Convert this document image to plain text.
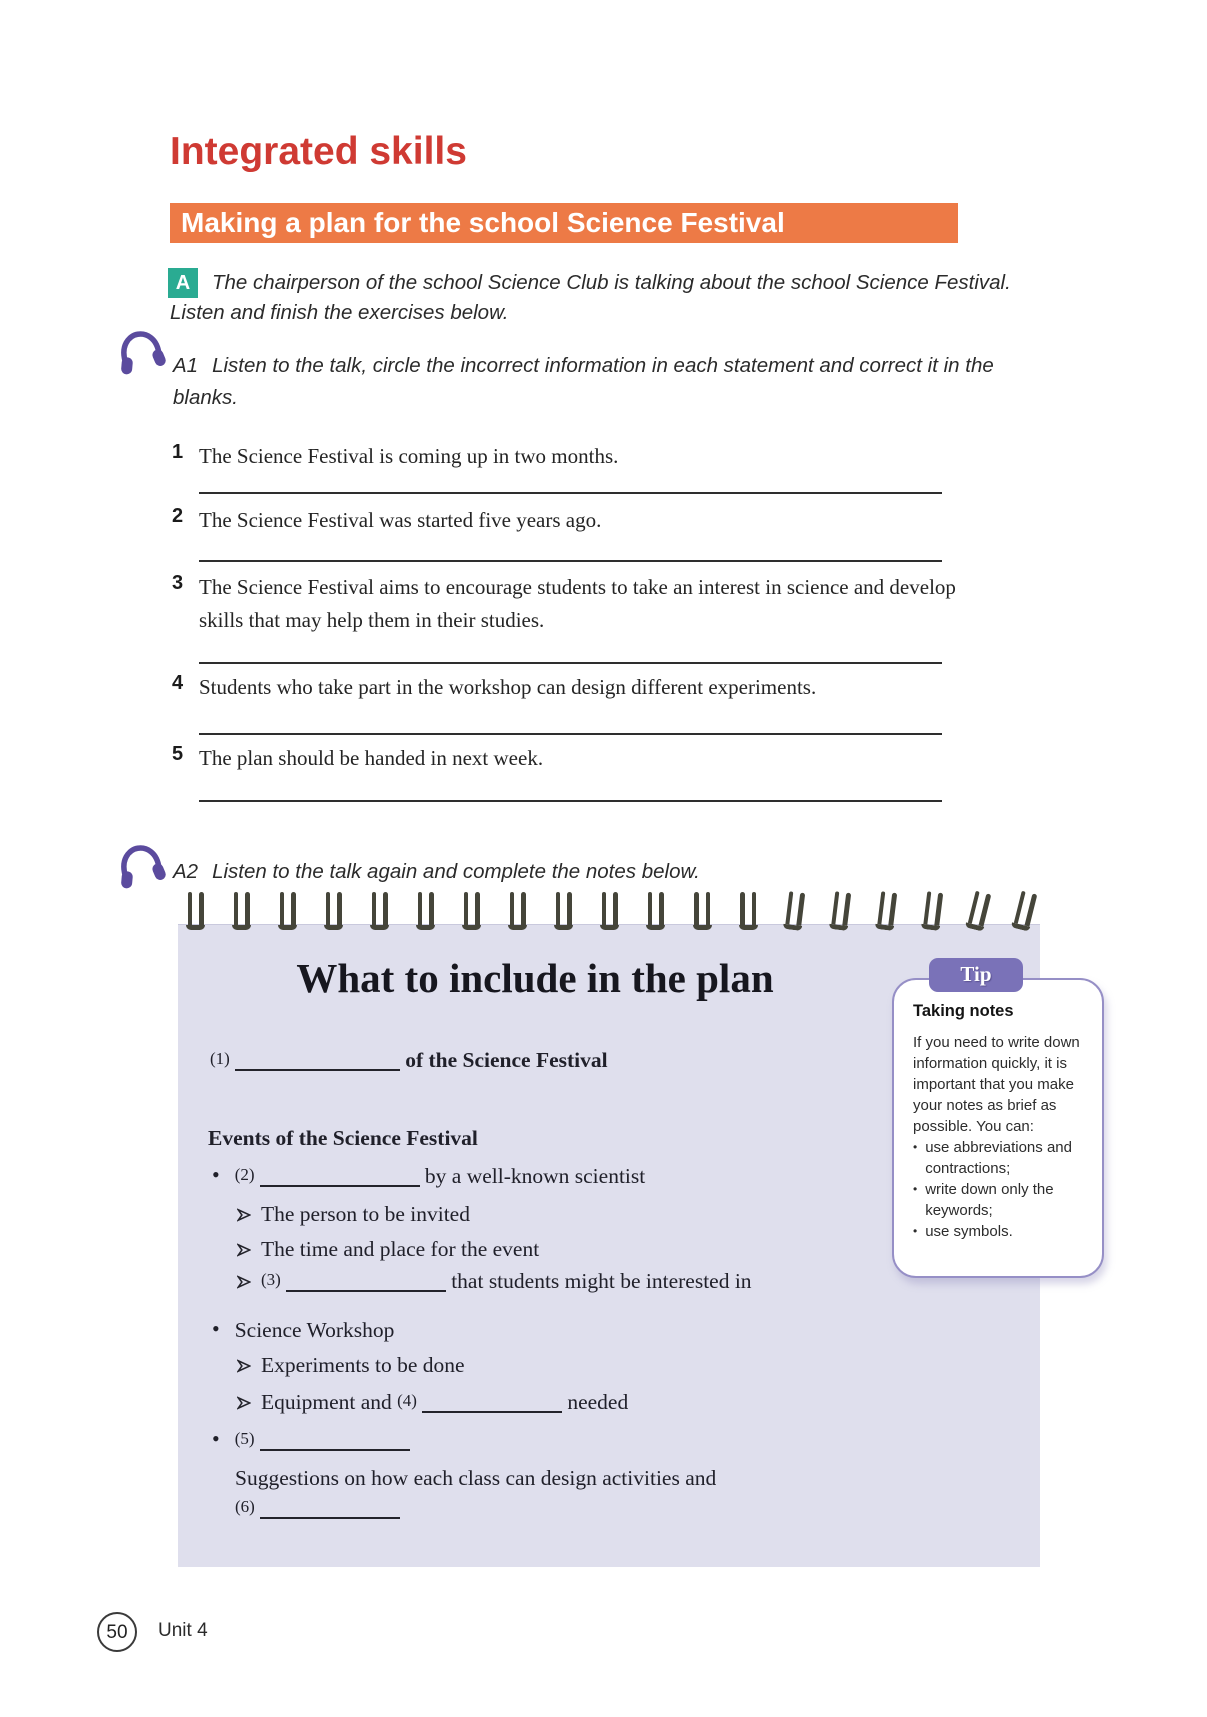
Integrated skills
Making a plan for the school Science Festival
A	The chairperson of the school Science Club is talking about the school Science Festival.
Listen and finish the exercises below.
A1 Listen to the talk, circle the incorrect information in each statement and correct it in the
blanks.
1 The Science Festival is coming up in two months.
2 The Science Festival was started five years ago.
3 The Science Festival aims to encourage students to take an interest in science and develop skills that may help them in their studies.
4 Students who take part in the workshop can design different experiments.
5 The plan should be handed in next week.
A2 Listen to the talk again and complete the notes below.
What to include in the plan
(1)	of the Science Festival
Events of the Science Festival
• (2)	by a well-known scientist
The person to be invited
The time and place for the event
(3)	that students might be interested in
• Science Workshop
Experiments to be done
Equipment and (4)	needed
• (5)
Suggestions on how each class can design activities and
(6)
Tip
Taking notes

If you need to write down information quickly, it is important that you make your notes as brief as possible. You can:

• use abbreviations and contractions;
• write down only the keywords;
• use symbols.
50	Unit 4
